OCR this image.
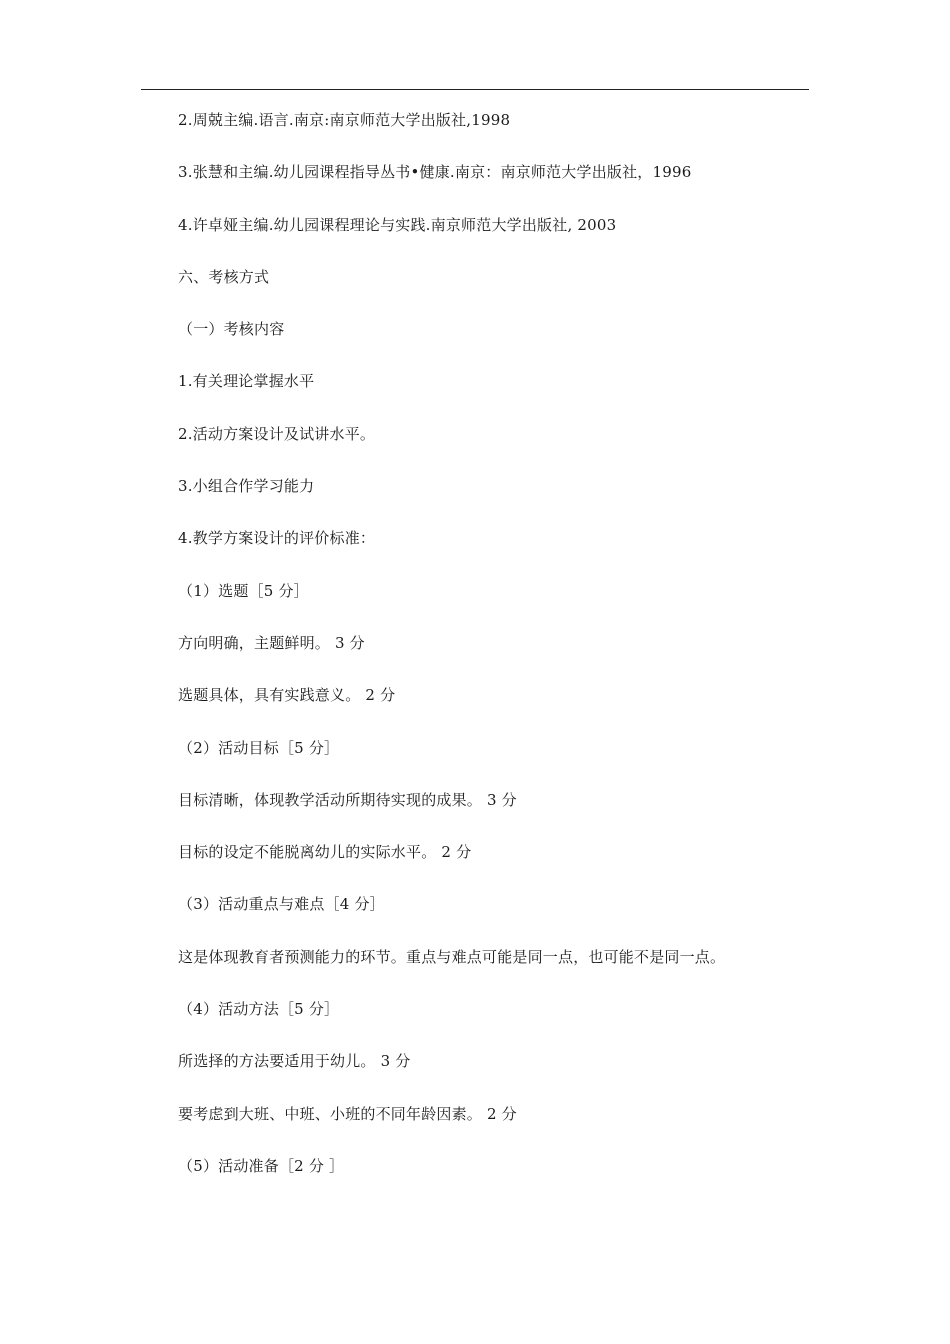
2.周兢主编.语言.南京:南京师范大学出版社,1998
3.张慧和主编.幼儿园课程指导丛书•健康.南京：南京师范大学出版社，1996
4.许卓娅主编.幼儿园课程理论与实践.南京师范大学出版社, 2003
六、考核方式
（一）考核内容
1.有关理论掌握水平
2.活动方案设计及试讲水平。
3.小组合作学习能力
4.教学方案设计的评价标准：
（1）选题［5 分］
方向明确，主题鲜明。 3 分
选题具体，具有实践意义。 2 分
（2）活动目标［5 分］
目标清晰，体现教学活动所期待实现的成果。 3 分
目标的设定不能脱离幼儿的实际水平。 2 分
（3）活动重点与难点［4 分］
这是体现教育者预测能力的环节。重点与难点可能是同一点，也可能不是同一点。
（4）活动方法［5 分］
所选择的方法要适用于幼儿。 3 分
要考虑到大班、中班、小班的不同年龄因素。 2 分
（5）活动准备［2 分 ］
